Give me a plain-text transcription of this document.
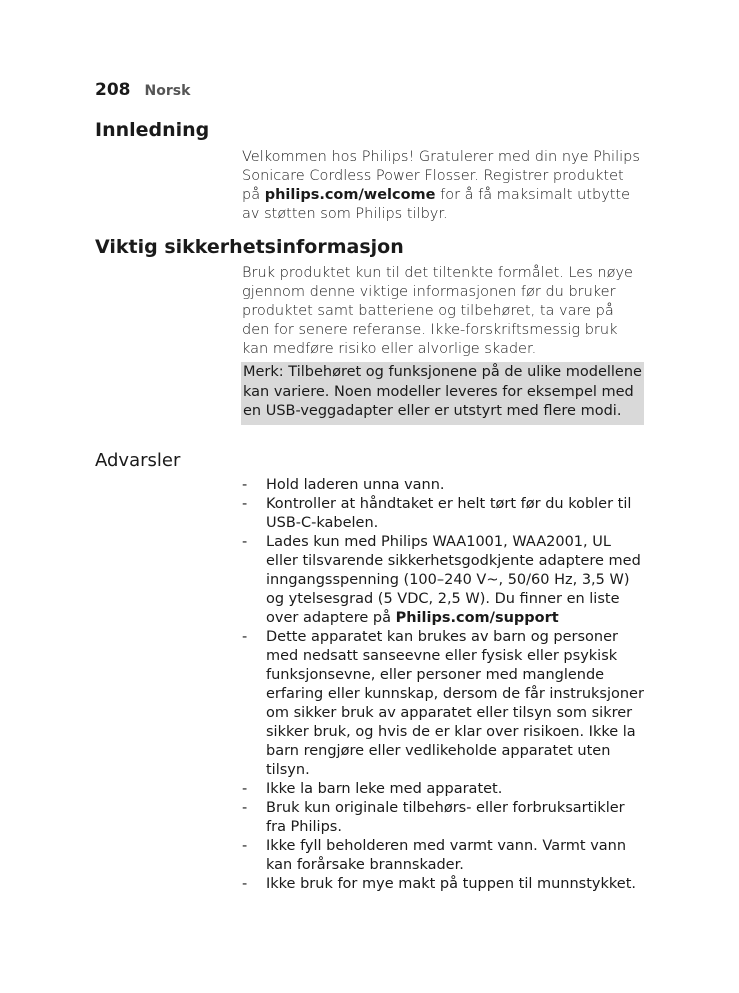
208 Norsk
Innledning

Velkommen hos Philips! Gratulerer med din nye Philips Sonicare Cordless Power Flosser. Registrer produktet på philips.com/welcome for å få maksimalt utbytte av støtten som Philips tilbyr.

Viktig sikkerhetsinformasjon

Bruk produktet kun til det tiltenkte formålet. Les nøye gjennom denne viktige informasjonen før du bruker produktet samt batteriene og tilbehøret, ta vare på den for senere referanse. Ikke-forskriftsmessig bruk kan medføre risiko eller alvorlige skader.

Merk: Tilbehøret og funksjonene på de ulike modellene kan variere. Noen modeller leveres for eksempel med en USB-veggadapter eller er utstyrt med flere modi.
Advarsler
- Hold laderen unna vann.
- Kontroller at håndtaket er helt tørt før du kobler til USB-C-kabelen.
- Lades kun med Philips WAA1001, WAA2001, UL eller tilsvarende sikkerhetsgodkjente adaptere med inngangsspenning (100–240 V~, 50/60 Hz, 3,5 W) og ytelsesgrad (5 VDC, 2,5 W). Du finner en liste over adaptere på Philips.com/support
- Dette apparatet kan brukes av barn og personer med nedsatt sanseevne eller fysisk eller psykisk funksjonsevne, eller personer med manglende erfaring eller kunnskap, dersom de får instruksjoner om sikker bruk av apparatet eller tilsyn som sikrer sikker bruk, og hvis de er klar over risikoen. Ikke la barn rengjøre eller vedlikeholde apparatet uten tilsyn.
- Ikke la barn leke med apparatet.
- Bruk kun originale tilbehørs- eller forbruksartikler fra Philips.
- Ikke fyll beholderen med varmt vann. Varmt vann kan forårsake brannskader.
- Ikke bruk for mye makt på tuppen til munnstykket.
